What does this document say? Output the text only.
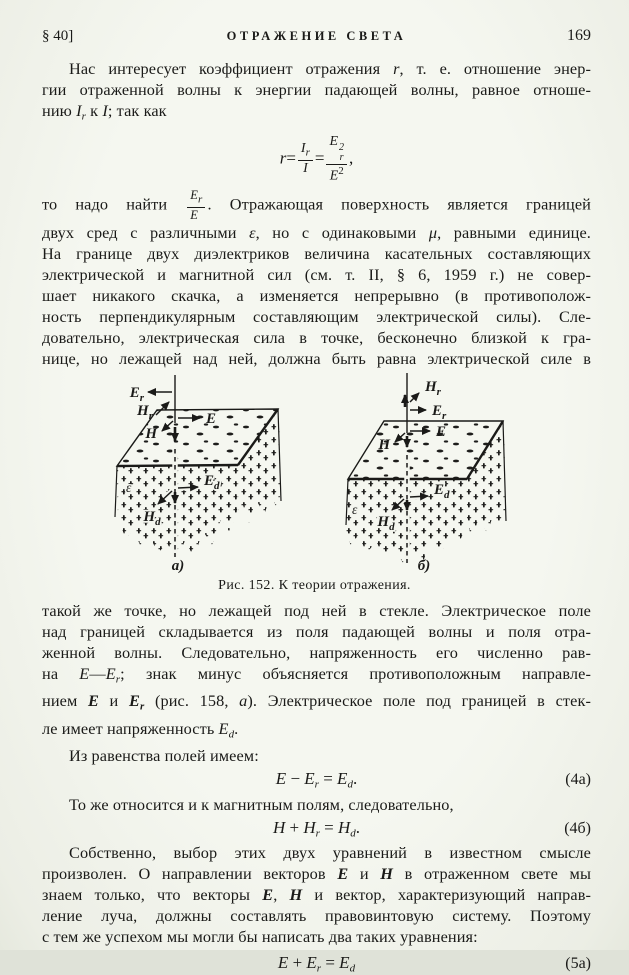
§ 40]	ОТРАЖЕНИЕ СВЕТА	169
Нас интересует коэффициент отражения r, т. е. отношение энер-
гии отраженной волны к энергии падающей волны, равное отноше-
нию $I_r$ к I; так как
$r= \frac{I_r}{I} = E$ 2
r
$E^2$ ,
то надо найти $\frac{Er}{E}$ . Отражающая поверхность является границей
двух сред с различными ε, но с одинаковыми μ, равными единице.
На границе двух диэлектриков величина касательных составляющих
электрической и магнитной сил (см. т. II, § 6, 1959 г.) не совер-
шает никакого скачка, а изменяется непрерывно (в противополож-
ность перпендикулярным составляющим электрической силы). Сле-
довательно, электрическая сила в точке, бесконечно близкой к гра-
нице, но лежащей над ней, должна быть равна электрической силе в
$E_r$
$H_r$	E
H
$E_d$
$H_d$
ε
а)
$H_r$
$E_r$
E
H
$E_d$
$H_d$
ε
б)
Рис. 152. К теории отражения.
такой же точке, но лежащей под ней в стекле. Электрическое поле
над границей складывается из поля падающей волны и поля отра-
женной волны. Следовательно, напряженность его численно рав-
на $E—E_r$; знак минус объясняется противоположным направле-
нием E и $E_r$ (рис. 158, а). Электрическое поле под границей в стек-
ле имеет напряженность $E_d$.
Из равенства полей имеем:
$E - E_r = E_d$.	(4а)
То же относится и к магнитным полям, следовательно,
$H + H_r = H_d$.	(4б)
Собственно, выбор этих двух уравнений в известном смысле
произволен. О направлении векторов E и H в отраженном свете мы
знаем только, что векторы E, H и вектор, характеризующий направ-
ление луча, должны составлять правовинтовую систему. Поэтому
с тем же успехом мы могли бы написать два таких уравнения:
$E + E_r = E_d$	(5а)
